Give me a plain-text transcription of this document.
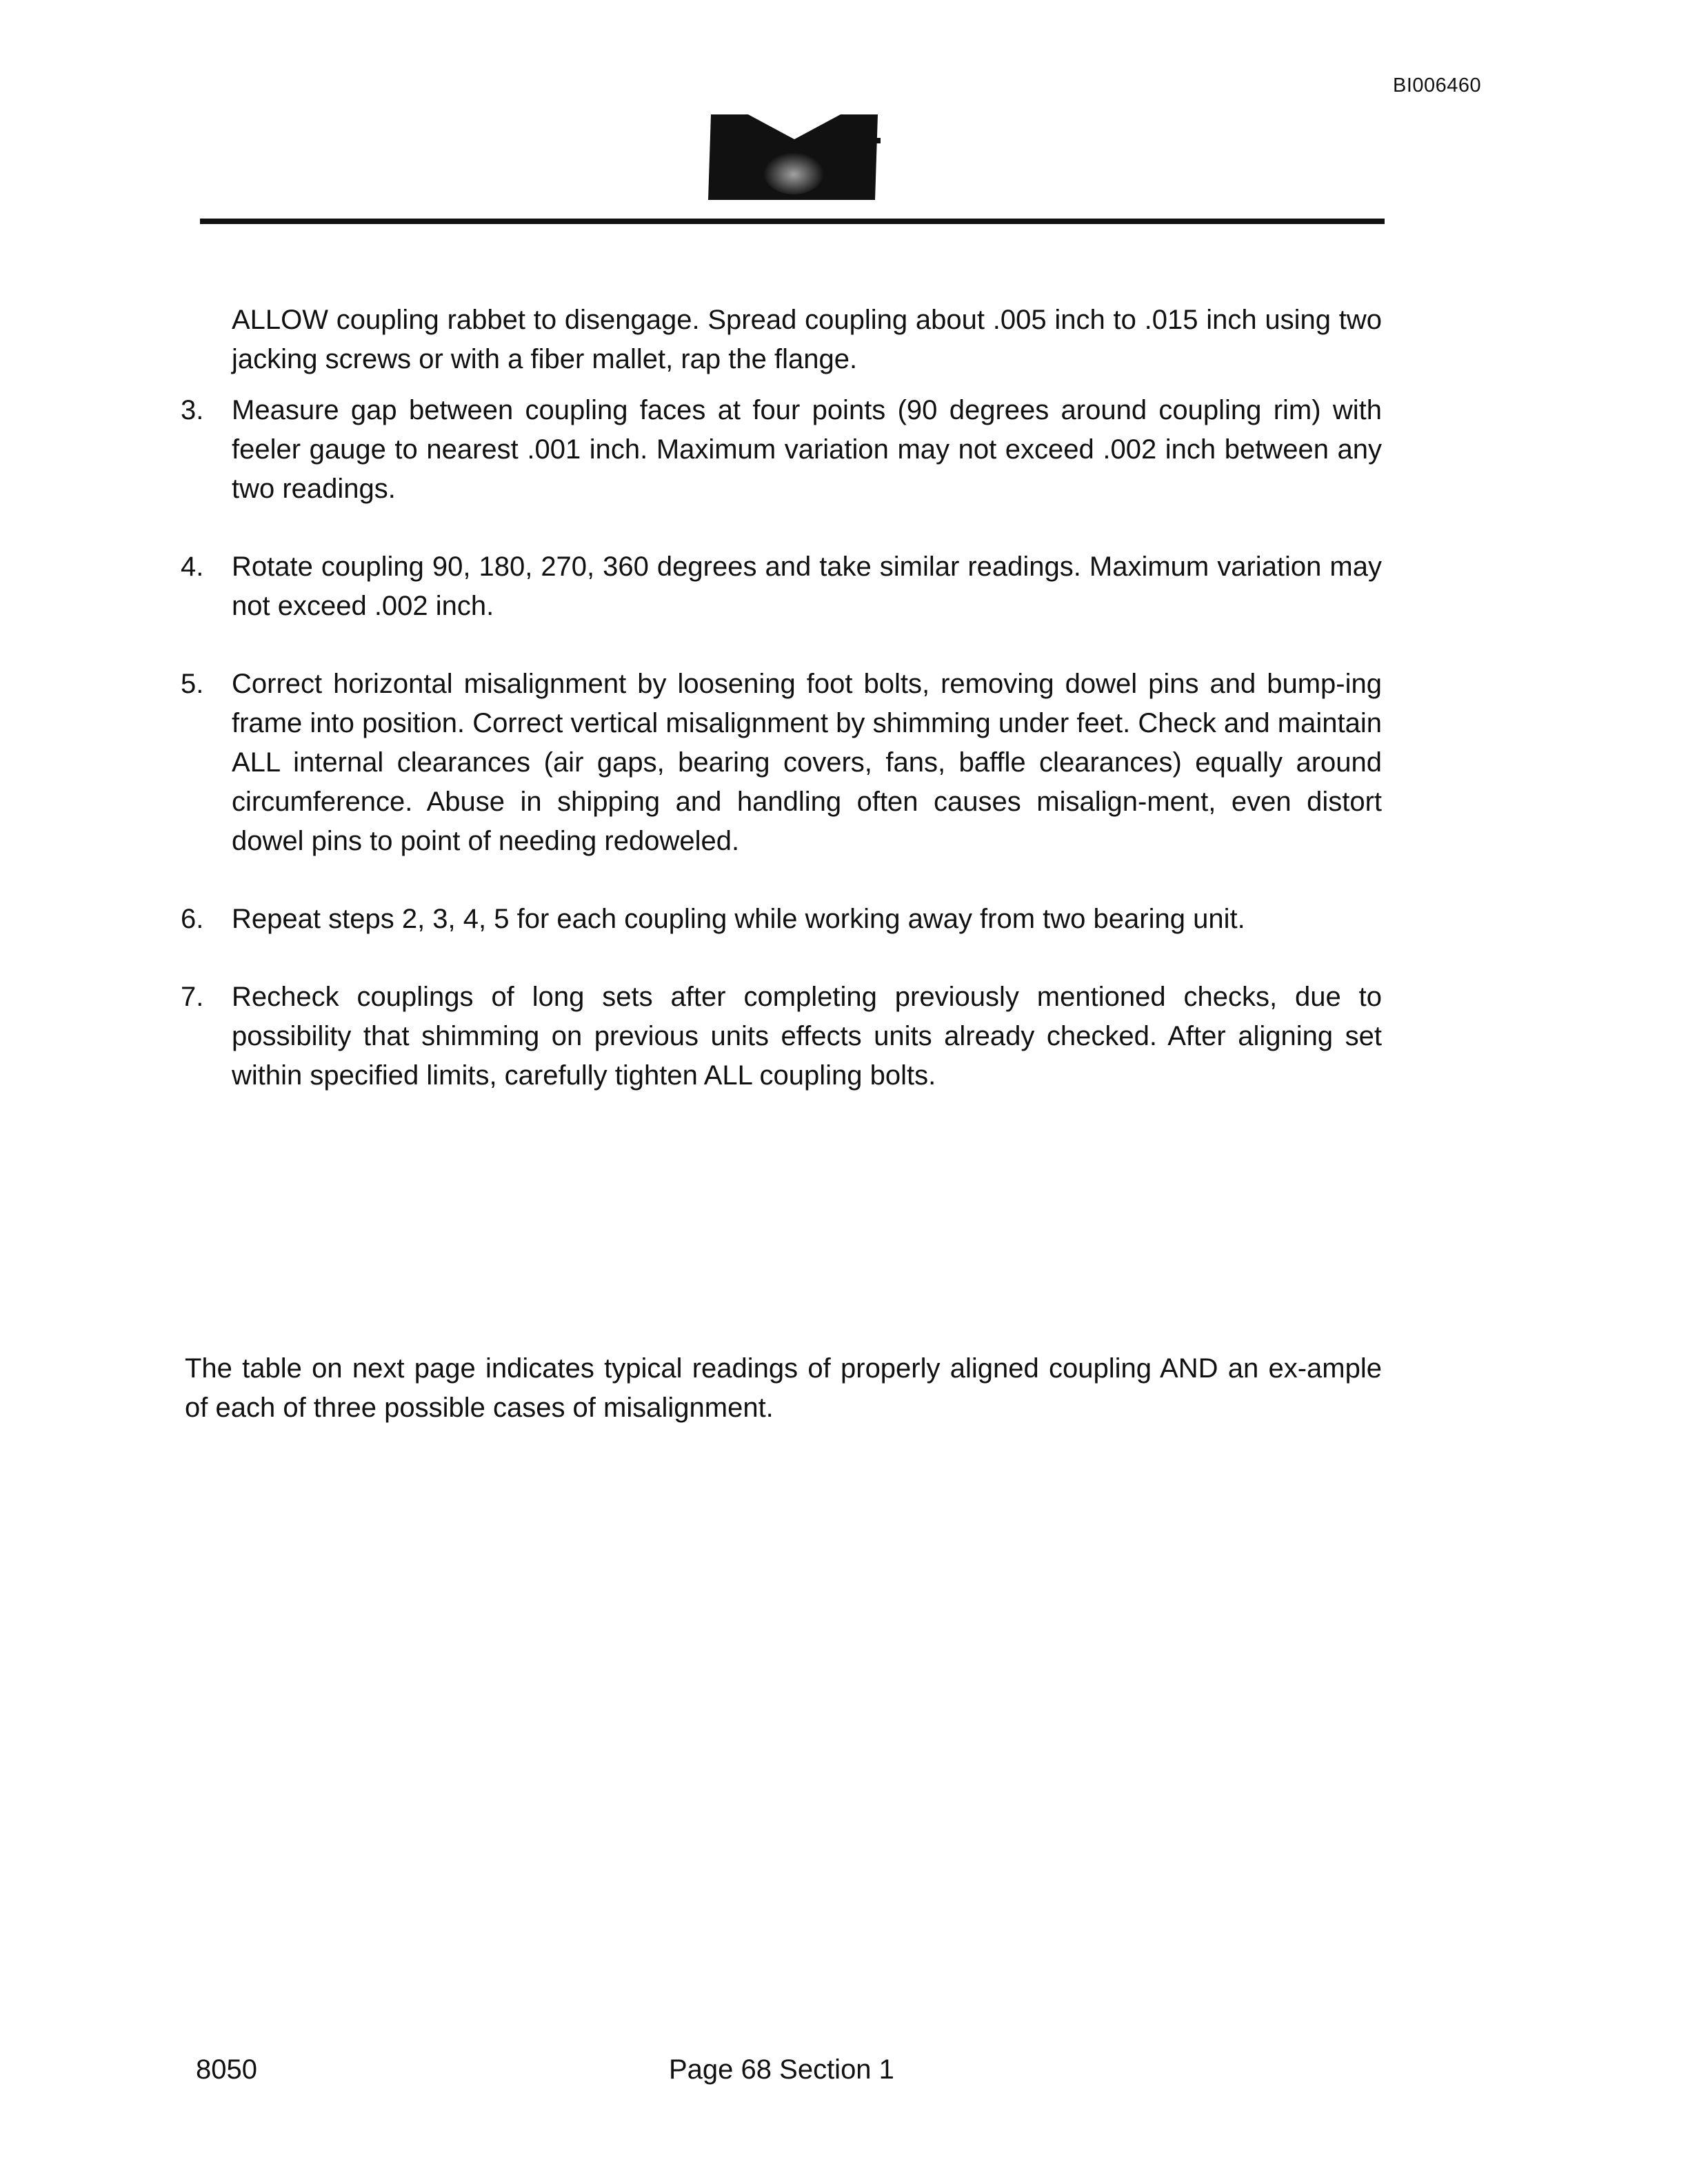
BI006460

ALLOW coupling rabbet to disengage. Spread coupling about .005 inch to .015 inch using two jacking screws or with a fiber mallet, rap the flange.

3. Measure gap between coupling faces at four points (90 degrees around coupling rim) with feeler gauge to nearest .001 inch. Maximum variation may not exceed .002 inch between any two readings.
4. Rotate coupling 90, 180, 270, 360 degrees and take similar readings. Maximum variation may not exceed .002 inch.
5. Correct horizontal misalignment by loosening foot bolts, removing dowel pins and bump-ing frame into position. Correct vertical misalignment by shimming under feet. Check and maintain ALL internal clearances (air gaps, bearing covers, fans, baffle clearances) equally around circumference. Abuse in shipping and handling often causes misalign-ment, even distort dowel pins to point of needing redoweled.
6. Repeat steps 2, 3, 4, 5 for each coupling while working away from two bearing unit.
7. Recheck couplings of long sets after completing previously mentioned checks, due to possibility that shimming on previous units effects units already checked. After aligning set within specified limits, carefully tighten ALL coupling bolts.

The table on next page indicates typical readings of properly aligned coupling AND an ex-ample of each of three possible cases of misalignment.

8050	Page 68 Section 1
